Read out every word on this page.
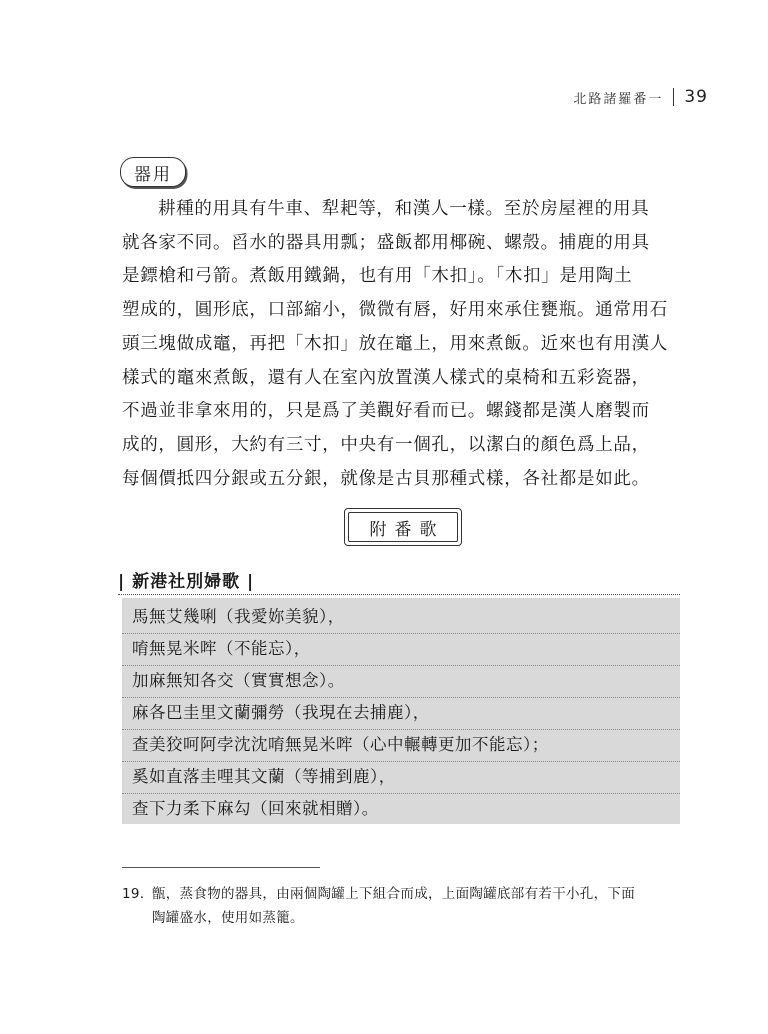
北路諸羅番一 39
器用

耕種的用具有牛車、犁耙等，和漢人一樣。至於房屋裡的用具
就各家不同。舀水的器具用瓢；盛飯都用椰碗、螺殼。捕鹿的用具
是鏢槍和弓箭。煮飯用鐵鍋，也有用「木扣」。「木扣」是用陶土
塑成的，圓形底，口部縮小，微微有唇，好用來承住甕瓶。通常用石
頭三塊做成竈，再把「木扣」放在竈上，用來煮飯。近來也有用漢人
樣式的竈來煮飯，還有人在室內放置漢人樣式的桌椅和五彩瓷器，
不過並非拿來用的，只是爲了美觀好看而已。螺錢都是漢人磨製而
成的，圓形，大約有三寸，中央有一個孔，以潔白的顏色爲上品，
每個價抵四分銀或五分銀，就像是古貝那種式樣，各社都是如此。

附番歌
| 新港社別婦歌 |
馬無艾幾唎（我愛妳美貌），
唷無晃米哰（不能忘），
加麻無知各交（實實想念）。
麻各巴圭里文蘭彌勞（我現在去捕鹿），
查美狡呵阿孛沈沈唷無晃米哰（心中輾轉更加不能忘）；
奚如直落圭哩其文蘭（等捕到鹿），
查下力柔下麻勾（回來就相贈）。

19. 甑，蒸食物的器具，由兩個陶罐上下組合而成，上面陶罐底部有若干小孔，下面
陶罐盛水，使用如蒸籠。
